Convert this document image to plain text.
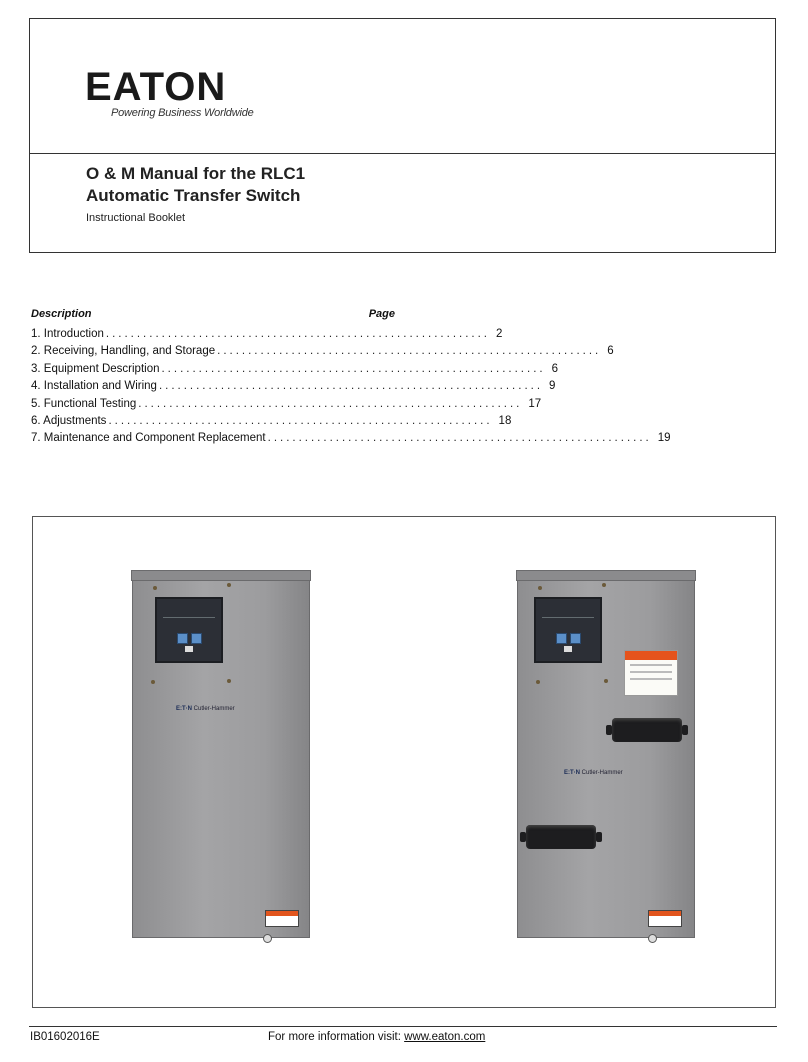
EATON
Powering Business Worldwide
O & M Manual for the RLC1
Automatic Transfer Switch
Instructional Booklet
Description	Page
1. Introduction .............................................................. 2
2. Receiving, Handling, and Storage .............................................................. 6
3. Equipment Description .............................................................. 6
4. Installation and Wiring .............................................................. 9
5. Functional Testing .............................................................. 17
6. Adjustments .............................................................. 18
7. Maintenance and Component Replacement .............................................................. 19
E:T·N Cutler-Hammer
E:T·N Cutler-Hammer
IB01602016E	For more information visit: www.eaton.com
